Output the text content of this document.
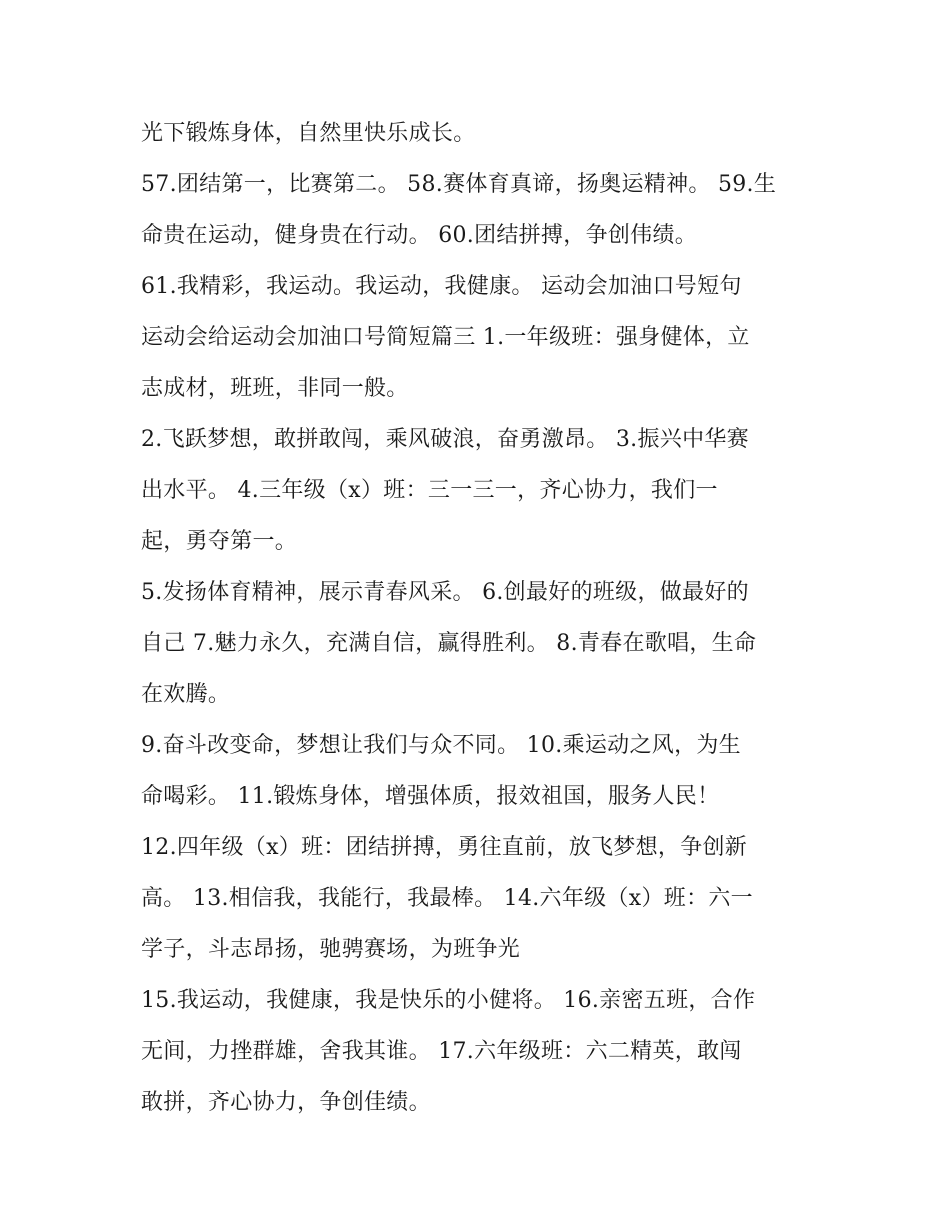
光下锻炼身体，自然里快乐成长。
57.团结第一，比赛第二。 58.赛体育真谛，扬奥运精神。 59.生
命贵在运动，健身贵在行动。 60.团结拼搏，争创伟绩。
61.我精彩，我运动。我运动，我健康。 运动会加油口号短句
运动会给运动会加油口号简短篇三 1.一年级班：强身健体，立
志成材，班班，非同一般。
2.飞跃梦想，敢拼敢闯，乘风破浪，奋勇激昂。 3.振兴中华赛
出水平。 4.三年级（x）班：三一三一，齐心协力，我们一
起，勇夺第一。
5.发扬体育精神，展示青春风采。 6.创最好的班级，做最好的
自己 7.魅力永久，充满自信，赢得胜利。 8.青春在歌唱，生命
在欢腾。
9.奋斗改变命，梦想让我们与众不同。 10.乘运动之风，为生
命喝彩。 11.锻炼身体，增强体质，报效祖国，服务人民！
12.四年级（x）班：团结拼搏，勇往直前，放飞梦想，争创新
高。 13.相信我，我能行，我最棒。 14.六年级（x）班：六一
学子，斗志昂扬，驰骋赛场，为班争光
15.我运动，我健康，我是快乐的小健将。 16.亲密五班，合作
无间，力挫群雄，舍我其谁。 17.六年级班：六二精英，敢闯
敢拼，齐心协力，争创佳绩。
